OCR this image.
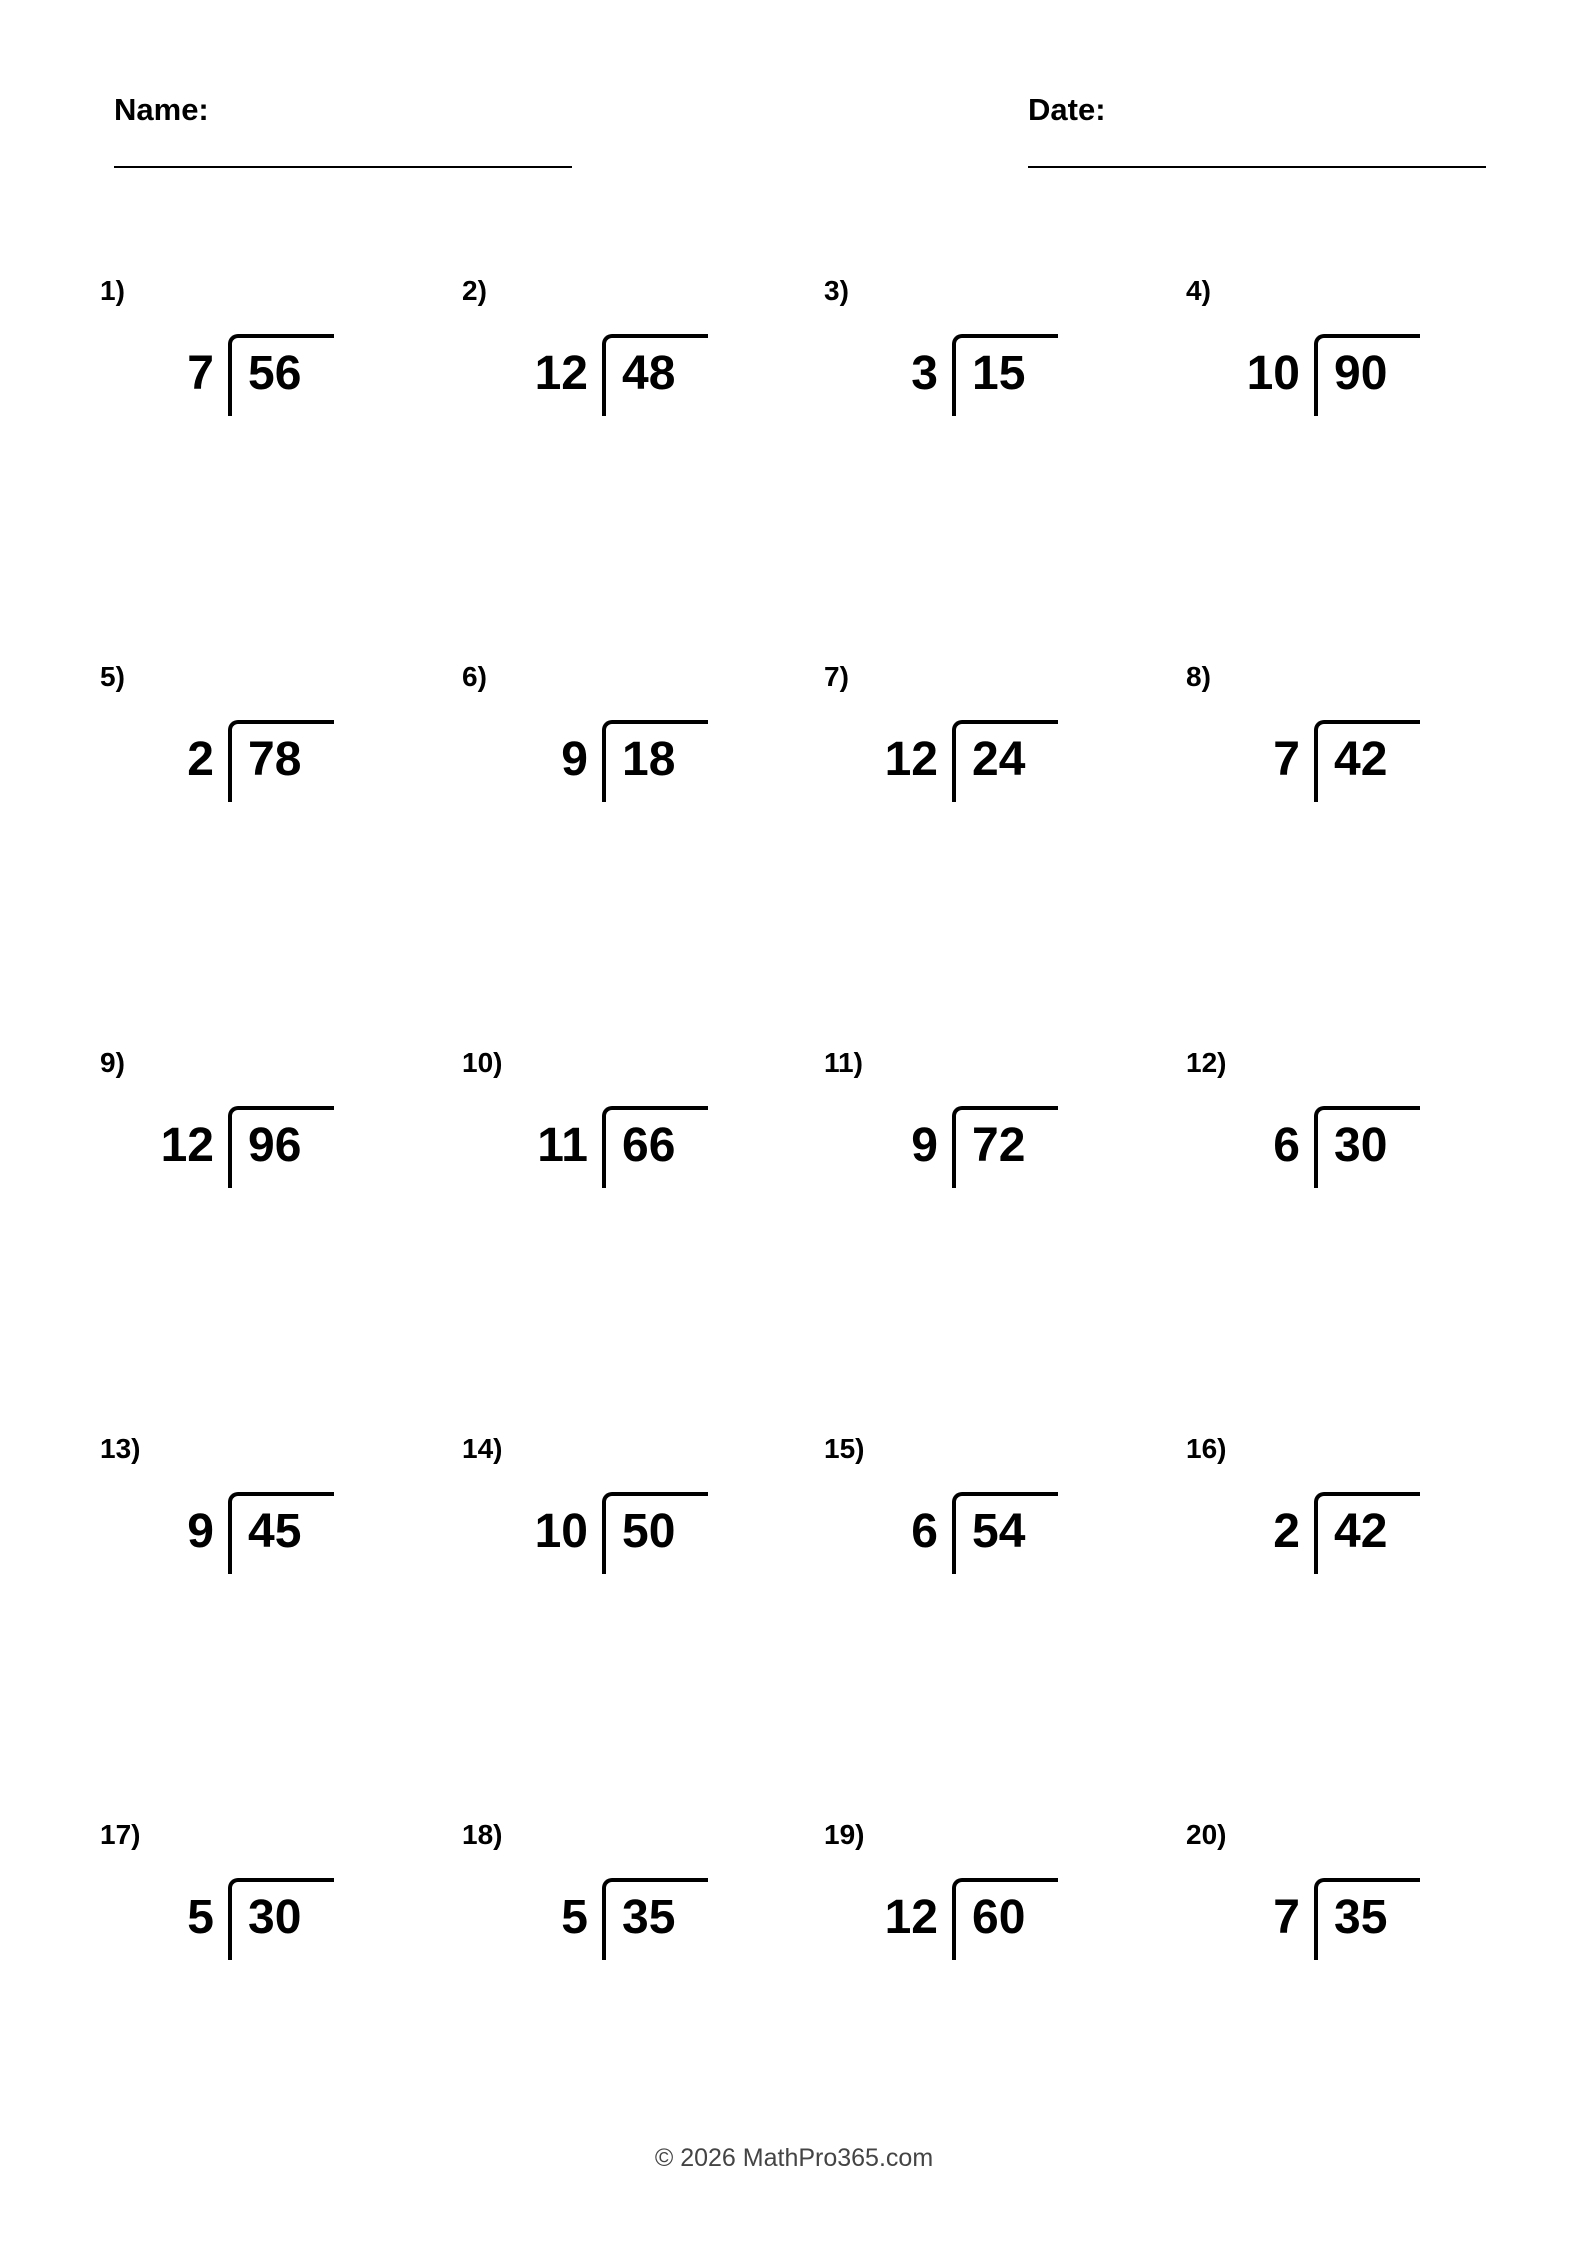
Name:	Date:
1)
7 56
2)
12 48
3)
3 15
4)
10 90
5)
2 78
6)
9 18
7)
12 24
8)
7 42
9)
12 96
10)
11 66
11)
9 72
12)
6 30
13)
9 45
14)
10 50
15)
6 54
16)
2 42
17)
5 30
18)
5 35
19)
12 60
20)
7 35
© 2026 MathPro365.com
